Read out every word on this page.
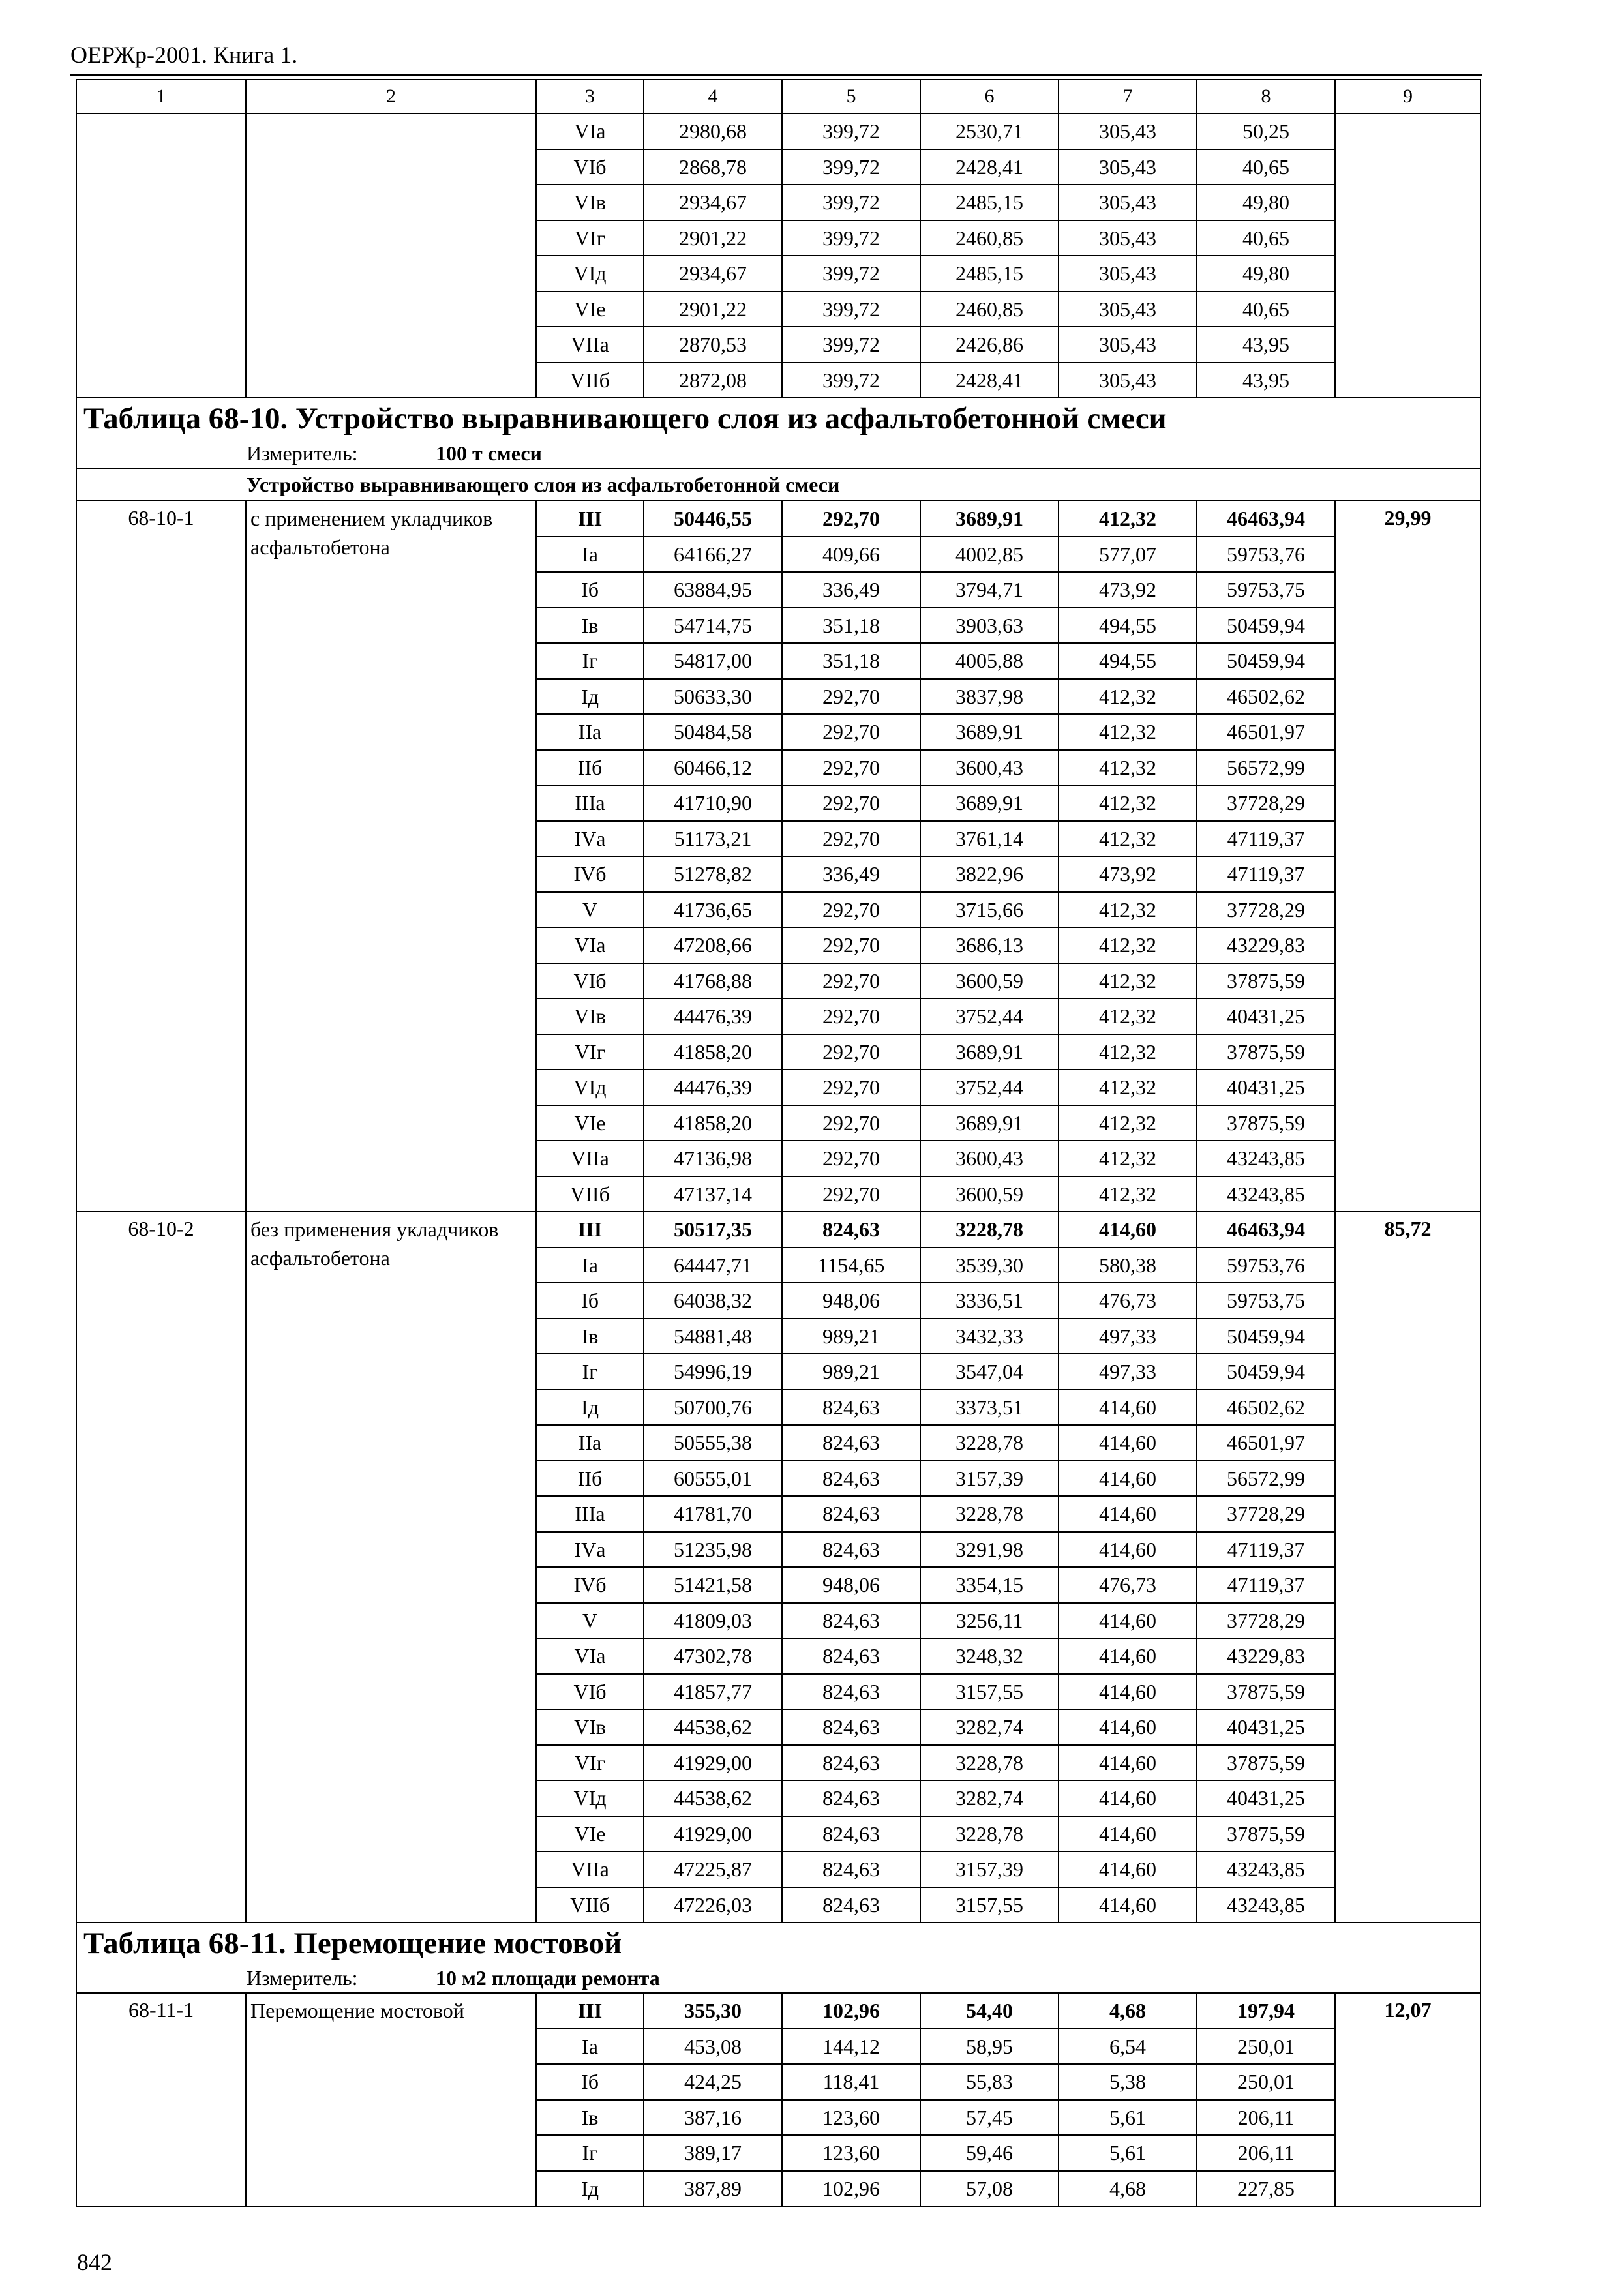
ОЕРЖр-2001. Книга 1.
1	2	3	4	5	6	7	8	9
		VIа	2980,68	399,72	2530,71	305,43	50,25	
		VIб	2868,78	399,72	2428,41	305,43	40,65	
		VIв	2934,67	399,72	2485,15	305,43	49,80	
		VIг	2901,22	399,72	2460,85	305,43	40,65	
		VIд	2934,67	399,72	2485,15	305,43	49,80	
		VIе	2901,22	399,72	2460,85	305,43	40,65	
		VIIа	2870,53	399,72	2426,86	305,43	43,95	
		VIIб	2872,08	399,72	2428,41	305,43	43,95	
Таблица 68-10. Устройство выравнивающего слоя из асфальтобетонной смеси								
Измеритель: 100 т смеси								
Устройство выравнивающего слоя из асфальтобетонной смеси								
68-10-1	с применением укладчиков асфальтобетона	III	50446,55	292,70	3689,91	412,32	46463,94	29,99
		Iа	64166,27	409,66	4002,85	577,07	59753,76	
		Iб	63884,95	336,49	3794,71	473,92	59753,75	
		Iв	54714,75	351,18	3903,63	494,55	50459,94	
		Iг	54817,00	351,18	4005,88	494,55	50459,94	
		Iд	50633,30	292,70	3837,98	412,32	46502,62	
		IIа	50484,58	292,70	3689,91	412,32	46501,97	
		IIб	60466,12	292,70	3600,43	412,32	56572,99	
		IIIа	41710,90	292,70	3689,91	412,32	37728,29	
		IVа	51173,21	292,70	3761,14	412,32	47119,37	
		IVб	51278,82	336,49	3822,96	473,92	47119,37	
		V	41736,65	292,70	3715,66	412,32	37728,29	
		VIа	47208,66	292,70	3686,13	412,32	43229,83	
		VIб	41768,88	292,70	3600,59	412,32	37875,59	
		VIв	44476,39	292,70	3752,44	412,32	40431,25	
		VIг	41858,20	292,70	3689,91	412,32	37875,59	
		VIд	44476,39	292,70	3752,44	412,32	40431,25	
		VIе	41858,20	292,70	3689,91	412,32	37875,59	
		VIIа	47136,98	292,70	3600,43	412,32	43243,85	
		VIIб	47137,14	292,70	3600,59	412,32	43243,85	
68-10-2	без применения укладчиков асфальтобетона	III	50517,35	824,63	3228,78	414,60	46463,94	85,72
		Iа	64447,71	1154,65	3539,30	580,38	59753,76	
		Iб	64038,32	948,06	3336,51	476,73	59753,75	
		Iв	54881,48	989,21	3432,33	497,33	50459,94	
		Iг	54996,19	989,21	3547,04	497,33	50459,94	
		Iд	50700,76	824,63	3373,51	414,60	46502,62	
		IIа	50555,38	824,63	3228,78	414,60	46501,97	
		IIб	60555,01	824,63	3157,39	414,60	56572,99	
		IIIа	41781,70	824,63	3228,78	414,60	37728,29	
		IVа	51235,98	824,63	3291,98	414,60	47119,37	
		IVб	51421,58	948,06	3354,15	476,73	47119,37	
		V	41809,03	824,63	3256,11	414,60	37728,29	
		VIа	47302,78	824,63	3248,32	414,60	43229,83	
		VIб	41857,77	824,63	3157,55	414,60	37875,59	
		VIв	44538,62	824,63	3282,74	414,60	40431,25	
		VIг	41929,00	824,63	3228,78	414,60	37875,59	
		VIд	44538,62	824,63	3282,74	414,60	40431,25	
		VIе	41929,00	824,63	3228,78	414,60	37875,59	
		VIIа	47225,87	824,63	3157,39	414,60	43243,85	
		VIIб	47226,03	824,63	3157,55	414,60	43243,85	
Таблица 68-11. Перемощение мостовой								
Измеритель: 10 м2 площади ремонта								
68-11-1	Перемощение мостовой	III	355,30	102,96	54,40	4,68	197,94	12,07
		Iа	453,08	144,12	58,95	6,54	250,01	
		Iб	424,25	118,41	55,83	5,38	250,01	
		Iв	387,16	123,60	57,45	5,61	206,11	
		Iг	389,17	123,60	59,46	5,61	206,11	
		Iд	387,89	102,96	57,08	4,68	227,85	
842
